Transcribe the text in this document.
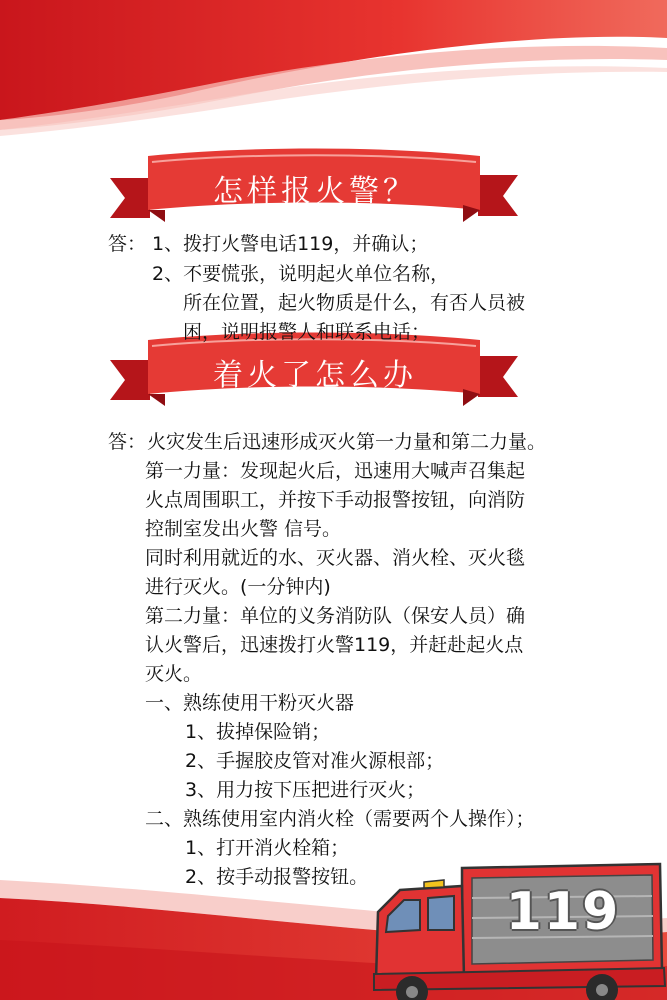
怎样报火警？
着火了怎么办
答： 1、拨打火警电话119，并确认；
2、不要慌张，说明起火单位名称，
所在位置，起火物质是什么，有否人员被
困，说明报警人和联系电话；
答： 火灾发生后迅速形成灭火第一力量和第二力量。
第一力量：发现起火后，迅速用大喊声召集起
火点周围职工，并按下手动报警按钮，向消防
控制室发出火警 信号。
同时利用就近的水、灭火器、消火栓、灭火毯
进行灭火。(一分钟内)
第二力量：单位的义务消防队（保安人员）确
认火警后，迅速拨打火警119，并赶赴起火点
灭火。
一、熟练使用干粉灭火器
1、拔掉保险销；
2、手握胶皮管对准火源根部；
3、用力按下压把进行灭火；
二、熟练使用室内消火栓（需要两个人操作）；
1、打开消火栓箱；
2、按手动报警按钮。
119
